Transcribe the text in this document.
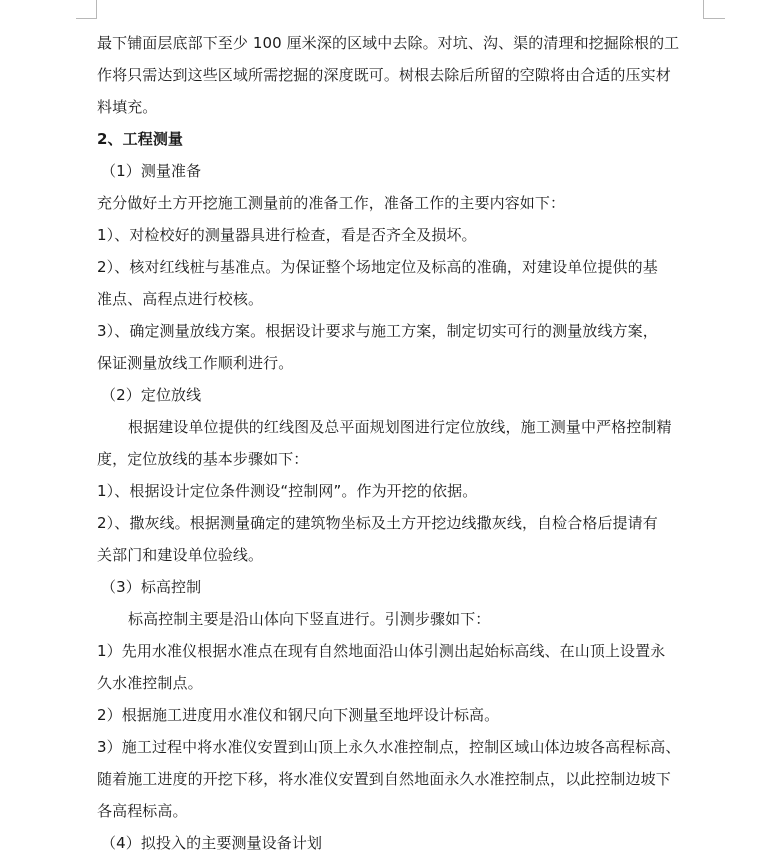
最下铺面层底部下至少 100 厘米深的区域中去除。对坑、沟、渠的清理和挖掘除根的工

作将只需达到这些区域所需挖掘的深度既可。树根去除后所留的空隙将由合适的压实材

料填充。

2、工程测量

（1）测量准备

充分做好土方开挖施工测量前的准备工作，准备工作的主要内容如下：

1）、对检校好的测量器具进行检查，看是否齐全及损坏。

2）、核对红线桩与基准点。为保证整个场地定位及标高的准确，对建设单位提供的基

准点、高程点进行校核。

3）、确定测量放线方案。根据设计要求与施工方案，制定切实可行的测量放线方案，

保证测量放线工作顺利进行。

（2）定位放线

根据建设单位提供的红线图及总平面规划图进行定位放线，施工测量中严格控制精

度，定位放线的基本步骤如下：

1）、根据设计定位条件测设“控制网”。作为开挖的依据。

2）、撒灰线。根据测量确定的建筑物坐标及土方开挖边线撒灰线，自检合格后提请有

关部门和建设单位验线。

（3）标高控制

标高控制主要是沿山体向下竖直进行。引测步骤如下：

1）先用水准仪根据水准点在现有自然地面沿山体引测出起始标高线、在山顶上设置永

久水准控制点。

2）根据施工进度用水准仪和钢尺向下测量至地坪设计标高。

3）施工过程中将水准仪安置到山顶上永久水准控制点，控制区域山体边坡各高程标高、

随着施工进度的开挖下移，将水准仪安置到自然地面永久水准控制点，以此控制边坡下

各高程标高。

（4）拟投入的主要测量设备计划
